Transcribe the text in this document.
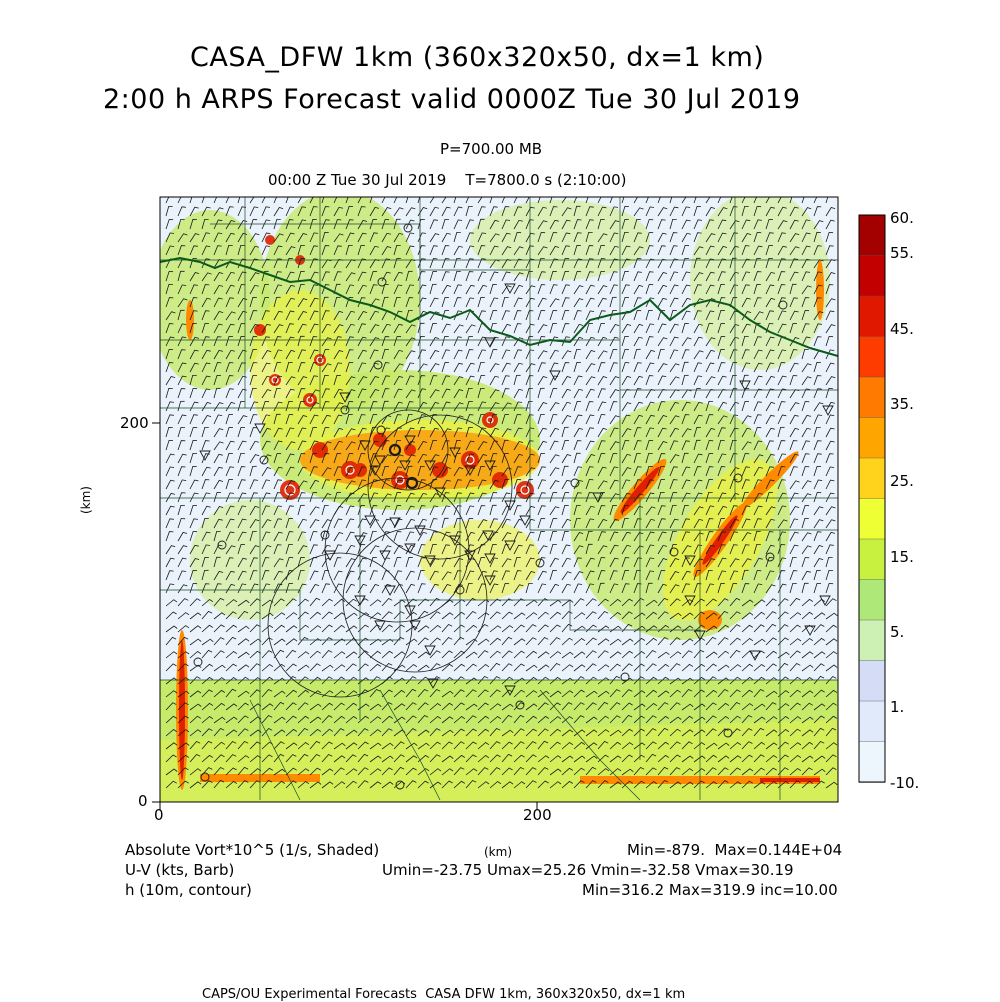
CASA_DFW 1km (360x320x50, dx=1 km)
2:00 h ARPS Forecast valid 0000Z Tue 30 Jul 2019
P=700.00 MB
00:00 Z Tue 30 Jul 2019    T=7800.0 s (2:10:00)
0	200
0
200
(km)
60.
55.
45.
35.
25.
15.
5.
1.
-10.
Absolute Vort*10^5 (1/s, Shaded)	(km)	Min=-879.  Max=0.144E+04
U-V (kts, Barb)	Umin=-23.75 Umax=25.26 Vmin=-32.58 Vmax=30.19
h (10m, contour)	Min=316.2 Max=319.9 inc=10.00
CAPS/OU Experimental Forecasts  CASA DFW 1km, 360x320x50, dx=1 km
